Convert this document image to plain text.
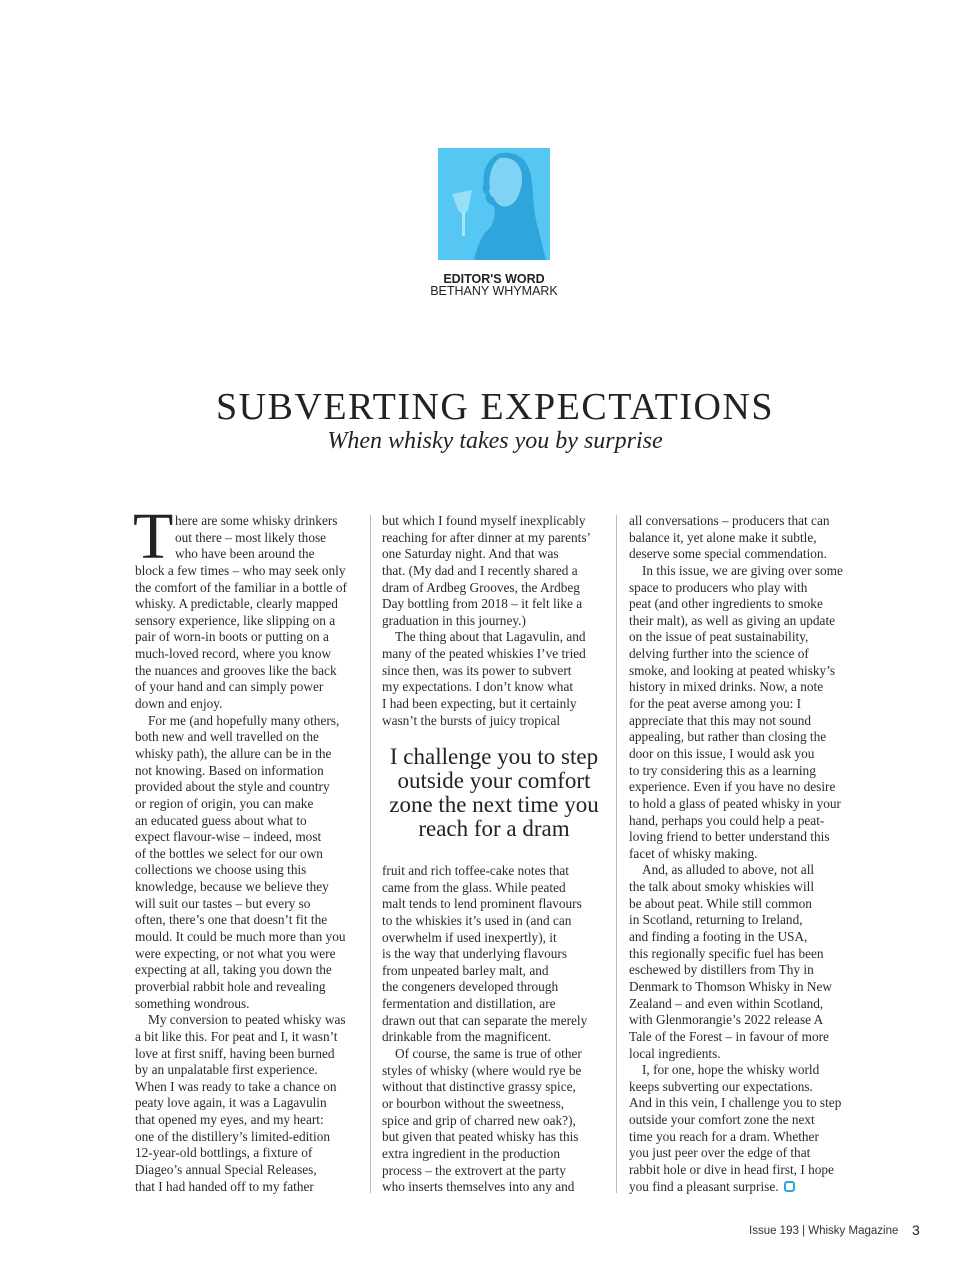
EDITOR'S WORD
BETHANY WHYMARK
SUBVERTING EXPECTATIONS
When whisky takes you by surprise
T here are some whisky drinkers
out there – most likely those
who have been around the
block a few times – who may seek only
the comfort of the familiar in a bottle of
whisky. A predictable, clearly mapped
sensory experience, like slipping on a
pair of worn-in boots or putting on a
much-loved record, where you know
the nuances and grooves like the back
of your hand and can simply power
down and enjoy.
For me (and hopefully many others,
both new and well travelled on the
whisky path), the allure can be in the
not knowing. Based on information
provided about the style and country
or region of origin, you can make
an educated guess about what to
expect flavour-wise – indeed, most
of the bottles we select for our own
collections we choose using this
knowledge, because we believe they
will suit our tastes – but every so
often, there’s one that doesn’t fit the
mould. It could be much more than you
were expecting, or not what you were
expecting at all, taking you down the
proverbial rabbit hole and revealing
something wondrous.
My conversion to peated whisky was
a bit like this. For peat and I, it wasn’t
love at first sniff, having been burned
by an unpalatable first experience.
When I was ready to take a chance on
peaty love again, it was a Lagavulin
that opened my eyes, and my heart:
one of the distillery’s limited-edition
12-year-old bottlings, a fixture of
Diageo’s annual Special Releases,
that I had handed off to my father
but which I found myself inexplicably
reaching for after dinner at my parents’
one Saturday night. And that was
that. (My dad and I recently shared a
dram of Ardbeg Grooves, the Ardbeg
Day bottling from 2018 – it felt like a
graduation in this journey.)
The thing about that Lagavulin, and
many of the peated whiskies I’ve tried
since then, was its power to subvert
my expectations. I don’t know what
I had been expecting, but it certainly
wasn’t the bursts of juicy tropical
I challenge you to step outside your comfort zone the next time you reach for a dram
fruit and rich toffee-cake notes that
came from the glass. While peated
malt tends to lend prominent flavours
to the whiskies it’s used in (and can
overwhelm if used inexpertly), it
is the way that underlying flavours
from unpeated barley malt, and
the congeners developed through
fermentation and distillation, are
drawn out that can separate the merely
drinkable from the magnificent.
Of course, the same is true of other
styles of whisky (where would rye be
without that distinctive grassy spice,
or bourbon without the sweetness,
spice and grip of charred new oak?),
but given that peated whisky has this
extra ingredient in the production
process – the extrovert at the party
who inserts themselves into any and
all conversations – producers that can
balance it, yet alone make it subtle,
deserve some special commendation.
In this issue, we are giving over some
space to producers who play with
peat (and other ingredients to smoke
their malt), as well as giving an update
on the issue of peat sustainability,
delving further into the science of
smoke, and looking at peated whisky’s
history in mixed drinks. Now, a note
for the peat averse among you: I
appreciate that this may not sound
appealing, but rather than closing the
door on this issue, I would ask you
to try considering this as a learning
experience. Even if you have no desire
to hold a glass of peated whisky in your
hand, perhaps you could help a peat-
loving friend to better understand this
facet of whisky making.
And, as alluded to above, not all
the talk about smoky whiskies will
be about peat. While still common
in Scotland, returning to Ireland,
and finding a footing in the USA,
this regionally specific fuel has been
eschewed by distillers from Thy in
Denmark to Thomson Whisky in New
Zealand – and even within Scotland,
with Glenmorangie’s 2022 release A
Tale of the Forest – in favour of more
local ingredients.
I, for one, hope the whisky world
keeps subverting our expectations.
And in this vein, I challenge you to step
outside your comfort zone the next
time you reach for a dram. Whether
you just peer over the edge of that
rabbit hole or dive in head first, I hope
you find a pleasant surprise.
Issue 193 | Whisky Magazine 3
